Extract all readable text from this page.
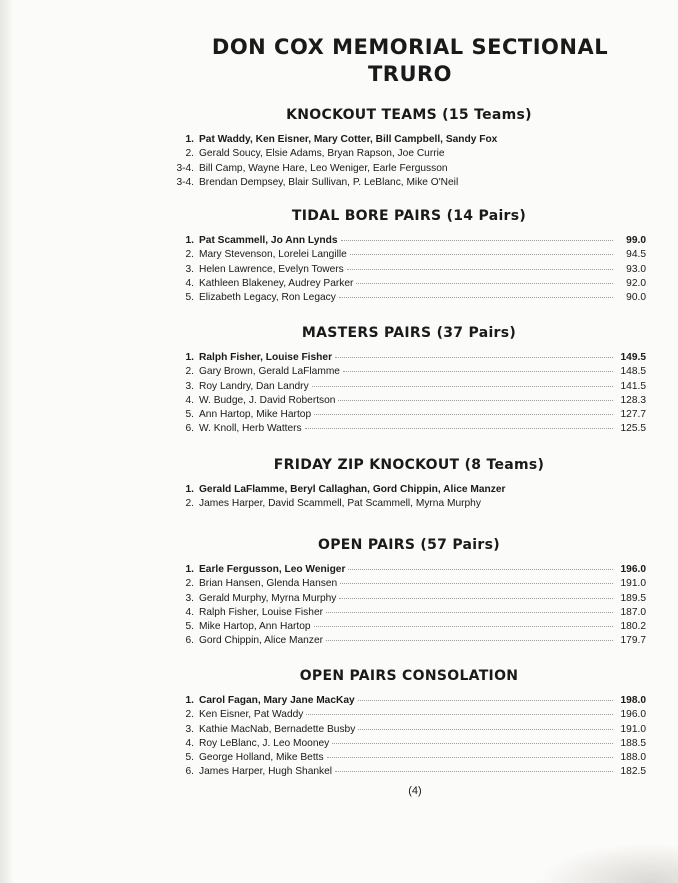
DON COX MEMORIAL SECTIONAL
TRURO
KNOCKOUT TEAMS (15 Teams)
1. Pat Waddy, Ken Eisner, Mary Cotter, Bill Campbell, Sandy Fox
2. Gerald Soucy, Elsie Adams, Bryan Rapson, Joe Currie
3-4. Bill Camp, Wayne Hare, Leo Weniger, Earle Fergusson
3-4. Brendan Dempsey, Blair Sullivan, P. LeBlanc, Mike O'Neil
TIDAL BORE PAIRS (14 Pairs)
1. Pat Scammell, Jo Ann Lynds	99.0
2. Mary Stevenson, Lorelei Langille	94.5
3. Helen Lawrence, Evelyn Towers	93.0
4. Kathleen Blakeney, Audrey Parker	92.0
5. Elizabeth Legacy, Ron Legacy	90.0
MASTERS PAIRS (37 Pairs)
1. Ralph Fisher, Louise Fisher	149.5
2. Gary Brown, Gerald LaFlamme	148.5
3. Roy Landry, Dan Landry	141.5
4. W. Budge, J. David Robertson	128.3
5. Ann Hartop, Mike Hartop	127.7
6. W. Knoll, Herb Watters	125.5
FRIDAY ZIP KNOCKOUT (8 Teams)
1. Gerald LaFlamme, Beryl Callaghan, Gord Chippin, Alice Manzer
2. James Harper, David Scammell, Pat Scammell, Myrna Murphy
OPEN PAIRS (57 Pairs)
1. Earle Fergusson, Leo Weniger	196.0
2. Brian Hansen, Glenda Hansen	191.0
3. Gerald Murphy, Myrna Murphy	189.5
4. Ralph Fisher, Louise Fisher	187.0
5. Mike Hartop, Ann Hartop	180.2
6. Gord Chippin, Alice Manzer	179.7
OPEN PAIRS CONSOLATION
1. Carol Fagan, Mary Jane MacKay	198.0
2. Ken Eisner, Pat Waddy	196.0
3. Kathie MacNab, Bernadette Busby	191.0
4. Roy LeBlanc, J. Leo Mooney	188.5
5. George Holland, Mike Betts	188.0
6. James Harper, Hugh Shankel	182.5
(4)
